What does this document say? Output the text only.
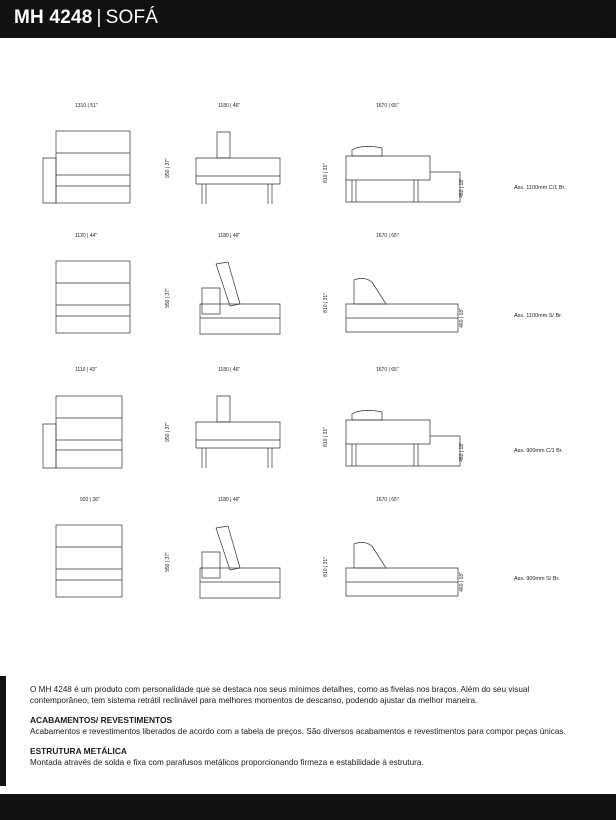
MH 4248 | SOFÁ
1310 | 51"	1180 | 46"	1670 | 65"
950 | 37"	810 | 31"
460 | 18"	Ass. 1100mm C/1 Br.
1120 | 44"	1180 | 46"	1670 | 65"
950 | 37"	810 | 31"
460 | 18"	Ass. 1100mm S/ Br.
1110 | 43"	1180 | 46"	1670 | 65"
950 | 37"	810 | 31"
460 | 18"	Ass. 900mm C/1 Br.
920 | 36"	1180 | 46"	1670 | 65"
950 | 37"	810 | 31"
460 | 18"	Ass. 900mm S/ Br.

O MH 4248 é um produto com personalidade que se destaca nos seus mínimos detalhes, como as fivelas nos braços. Além do seu visual contemporâneo, tem sistema retrátil reclinável para melhores momentos de descanso, podendo ajustar da melhor maneira.

ACABAMENTOS/ REVESTIMENTOS

Acabamentos e revestimentos liberados de acordo com a tabela de preços. São diversos acabamentos e revestimentos para compor peças únicas.

ESTRUTURA METÁLICA

Montada através de solda e fixa com parafusos metálicos proporcionando firmeza e estabilidade à estrutura.
